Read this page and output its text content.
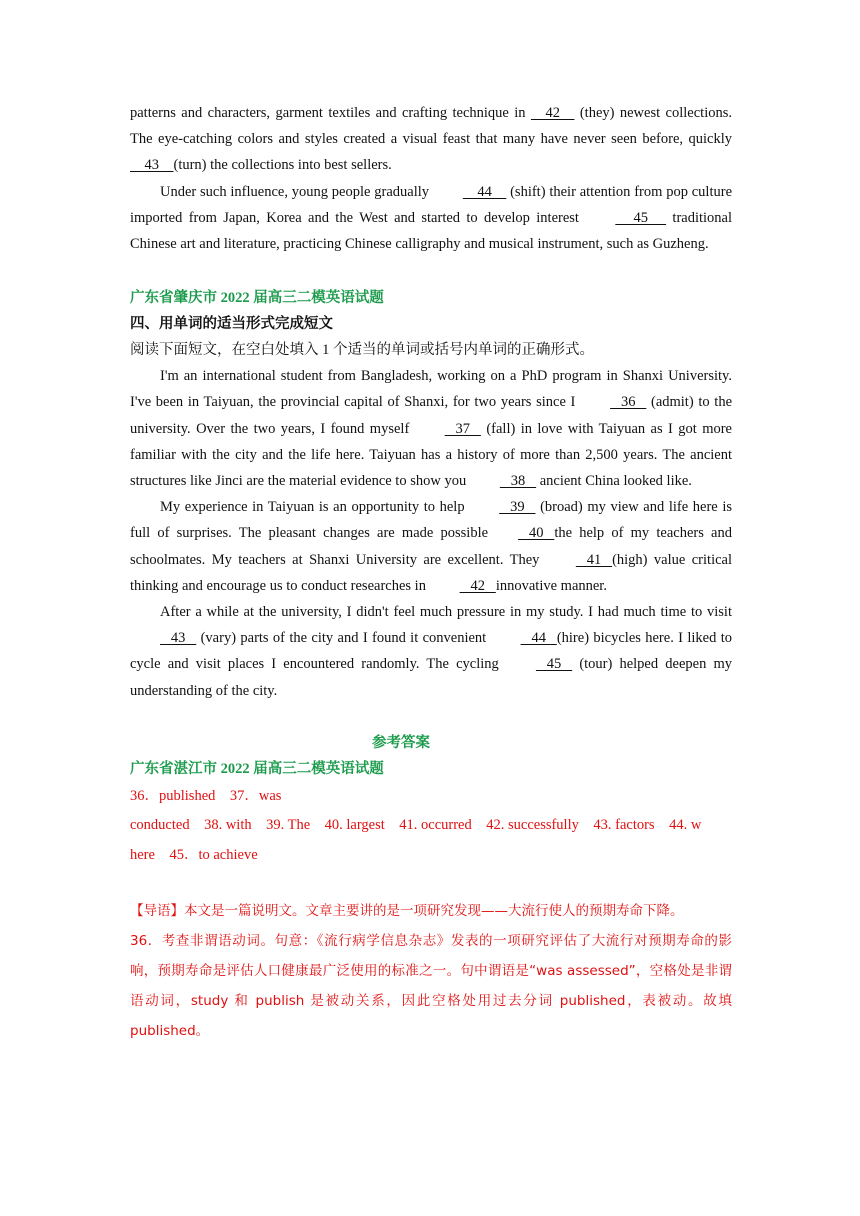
patterns and characters, garment textiles and crafting technique in     42     (they) newest collections. The eye-catching colors and styles created a visual feast that many have never seen before, quickly     43    (turn) the collections into best sellers.

Under such influence, young people gradually     44     (shift) their attention from pop culture imported from Japan, Korea and the West and started to develop interest      45      traditional Chinese art and literature, practicing Chinese calligraphy and musical instrument, such as Guzheng.

广东省肇庆市 2022 届高三二模英语试题

四、用单词的适当形式完成短文

阅读下面短文，在空白处填入 1 个适当的单词或括号内单词的正确形式。

I'm an international student from Bangladesh, working on a PhD program in Shanxi University. I've been in Taiyuan, the provincial capital of Shanxi, for two years since I    36    (admit) to the university. Over the two years, I found myself    37    (fall) in love with Taiyuan as I got more familiar with the city and the life here. Taiyuan has a history of more than 2,500 years. The ancient structures like Jinci are the material evidence to show you    38    ancient China looked like.

My experience in Taiyuan is an opportunity to help    39    (broad) my view and life here is full of surprises. The pleasant changes are made possible   40   the help of my teachers and schoolmates. My teachers at Shanxi University are excellent. They    41   (high) value critical thinking and encourage us to conduct researches in    42   innovative manner.

After a while at the university, I didn't feel much pressure in my study. I had much time to visit    43    (vary) parts of the city and I found it convenient    44   (hire) bicycles here. I liked to cycle and visit places I encountered randomly. The cycling    45    (tour) helped deepen my understanding of the city.

参考答案

广东省湛江市 2022 届高三二模英语试题

36．published　37．was

conducted　38. with　39. The　40. largest　41. occurred　42. successfully　43. factors　44. w

here　45．to achieve

【导语】本文是一篇说明文。文章主要讲的是一项研究发现——大流行使人的预期寿命下降。

36．考查非谓语动词。句意：《流行病学信息杂志》发表的一项研究评估了大流行对预期寿命的影响，预期寿命是评估人口健康最广泛使用的标准之一。句中谓语是“was assessed”，空格处是非谓语动词，study 和 publish 是被动关系，因此空格处用过去分词 published，表被动。故填 published。
